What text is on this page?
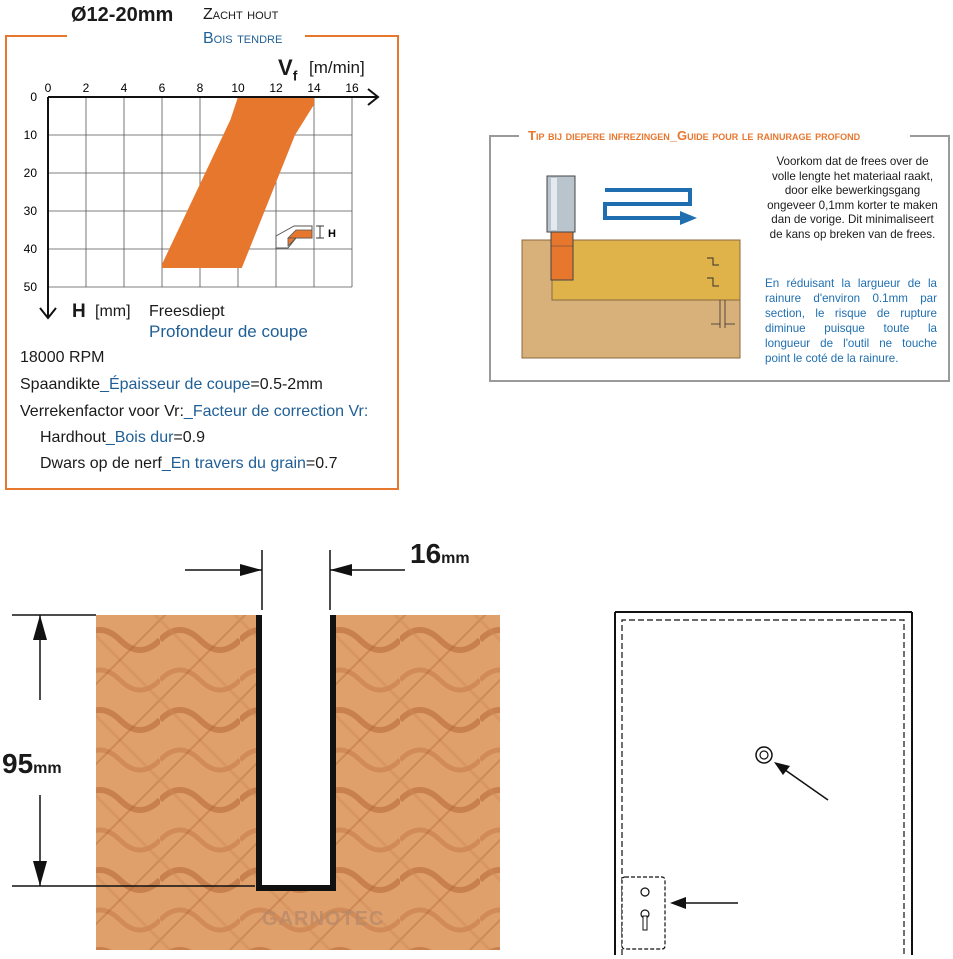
Ø12-20mm Zacht hout
Bois tendre
0	2	4	6	8 10 12 14 16
0
10
20
30
40
50
H
$V_f$ [m/min]
H [mm] Freesdiept
Profondeur de coupe
18000 RPM
Spaandikte_Épaisseur de coupe=0.5-2mm
Verrekenfactor voor Vr:_Facteur de correction Vr:
Hardhout_Bois dur=0.9
Dwars op de nerf_En travers du grain=0.7
Tip bij diepere infrezingen_Guide pour le rainurage profond
Voorkom dat de frees over de volle lengte het materiaal raakt, door elke bewerkingsgang ongeveer 0,1mm korter te maken dan de vorige. Dit minimaliseert de kans op breken van de frees.
En réduisant la largueur de la rainure d'environ 0.1mm par section, le risque de rupture diminue puisque toute la longueur de l'outil ne touche point le coté de la rainure.
16mm
95mm
GARNOTEC
